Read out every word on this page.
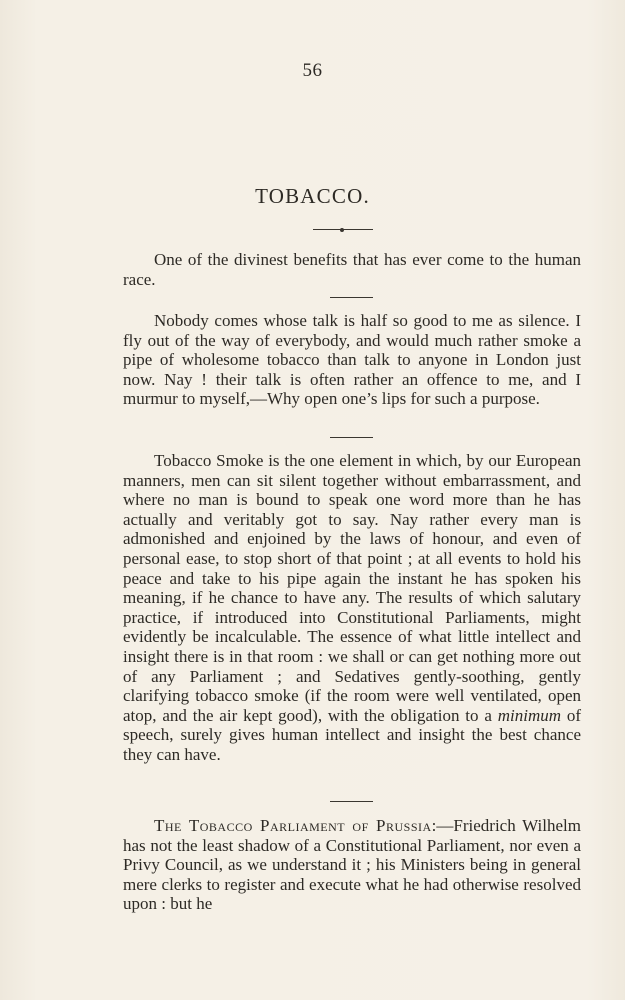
56
TOBACCO.
One of the divinest benefits that has ever come to the human race.
Nobody comes whose talk is half so good to me as silence. I fly out of the way of everybody, and would much rather smoke a pipe of wholesome tobacco than talk to anyone in London just now. Nay ! their talk is often rather an offence to me, and I murmur to myself,—Why open one’s lips for such a purpose.
Tobacco Smoke is the one element in which, by our European manners, men can sit silent together without embarrassment, and where no man is bound to speak one word more than he has actually and veritably got to say. Nay rather every man is admonished and enjoined by the laws of honour, and even of personal ease, to stop short of that point ; at all events to hold his peace and take to his pipe again the instant he has spoken his meaning, if he chance to have any. The results of which salutary practice, if introduced into Constitutional Parliaments, might evidently be incalculable. The essence of what little intellect and insight there is in that room : we shall or can get nothing more out of any Parliament ; and Sedatives gently-soothing, gently clarifying tobacco smoke (if the room were well ventilated, open atop, and the air kept good), with the obligation to a minimum of speech, surely gives human intellect and insight the best chance they can have.
The Tobacco Parliament of Prussia:—Friedrich Wilhelm has not the least shadow of a Constitutional Parliament, nor even a Privy Council, as we understand it ; his Ministers being in general mere clerks to register and execute what he had otherwise resolved upon : but he
